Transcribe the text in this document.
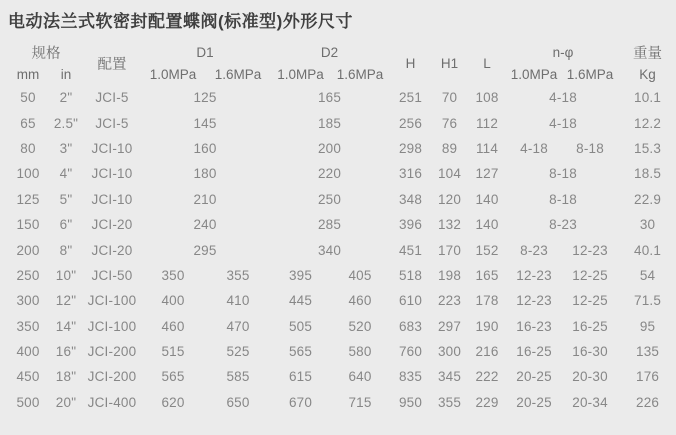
电动法兰式软密封配置蝶阀(标准型)外形尺寸
规格		配置	D1		D2		H	H1	L	n-φ		重量
mm	in		1.0MPa	1.6MPa	1.0MPa	1.6MPa				1.0MPa	1.6MPa	Kg
50	2"	JCI-5	125		165		251	70	108	4-18		10.1
65	2.5"	JCI-5	145		185		256	76	112	4-18		12.2
80	3"	JCI-10	160		200		298	89	114	4-18	8-18	15.3
100	4"	JCI-10	180		220		316	104	127	8-18		18.5
125	5"	JCI-10	210		250		348	120	140	8-18		22.9
150	6"	JCI-20	240		285		396	132	140	8-23		30
200	8"	JCI-20	295		340		451	170	152	8-23	12-23	40.1
250	10"	JCI-50	350	355	395	405	518	198	165	12-23	12-25	54
300	12"	JCI-100	400	410	445	460	610	223	178	12-23	12-25	71.5
350	14"	JCI-100	460	470	505	520	683	297	190	16-23	16-25	95
400	16"	JCI-200	515	525	565	580	760	300	216	16-25	16-30	135
450	18"	JCI-200	565	585	615	640	835	345	222	20-25	20-30	176
500	20"	JCI-400	620	650	670	715	950	355	229	20-25	20-34	226
